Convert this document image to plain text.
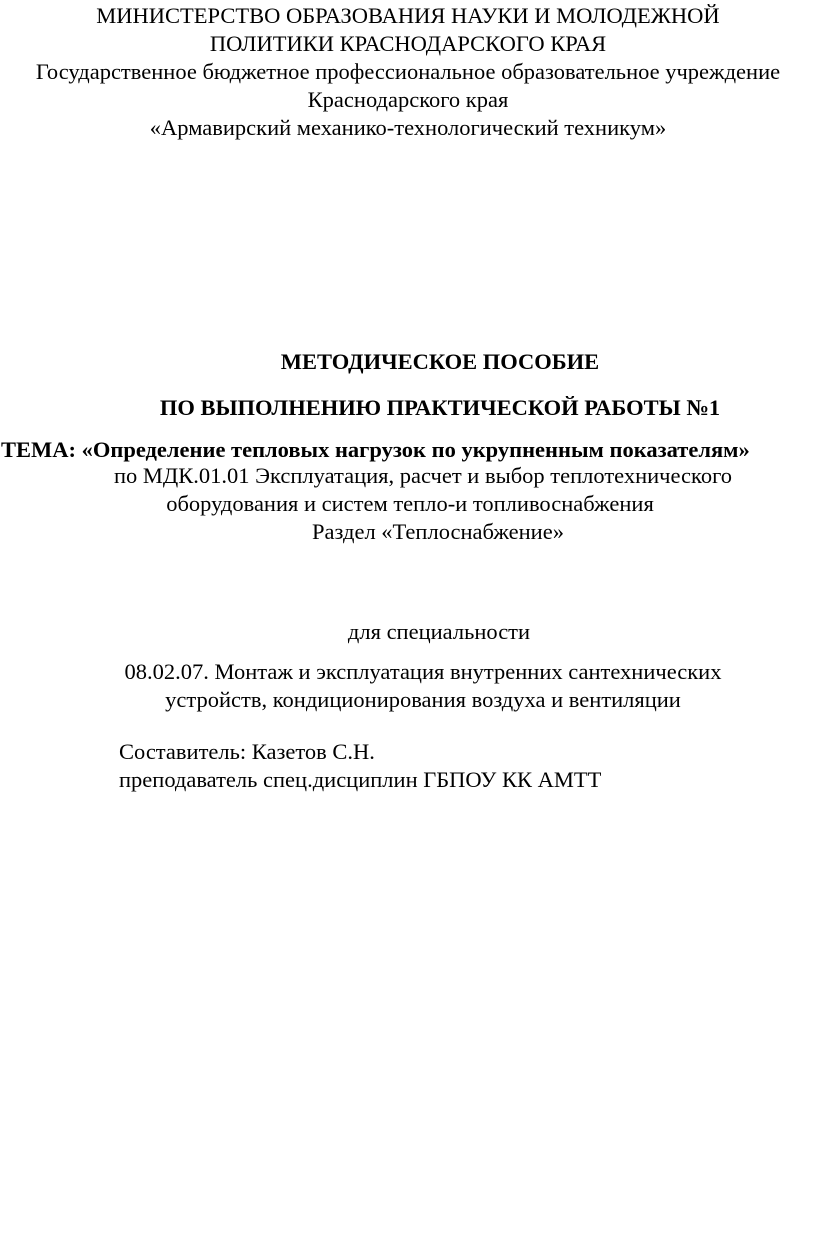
МИНИСТЕРСТВО ОБРАЗОВАНИЯ НАУКИ И МОЛОДЕЖНОЙ
ПОЛИТИКИ КРАСНОДАРСКОГО КРАЯ
Государственное бюджетное профессиональное образовательное учреждение
Краснодарского края
«Армавирский механико-технологический техникум»
МЕТОДИЧЕСКОЕ ПОСОБИЕ
ПО ВЫПОЛНЕНИЮ ПРАКТИЧЕСКОЙ РАБОТЫ №1
ТЕМА: «Определение тепловых нагрузок по укрупненным показателям»
по МДК.01.01 Эксплуатация, расчет и выбор теплотехнического
оборудования и систем тепло-и топливоснабжения
Раздел «Теплоснабжение»
для специальности
08.02.07. Монтаж и эксплуатация внутренних сантехнических
устройств, кондиционирования воздуха и вентиляции
Составитель: Казетов С.Н.
преподаватель спец.дисциплин ГБПОУ КК АМТТ
